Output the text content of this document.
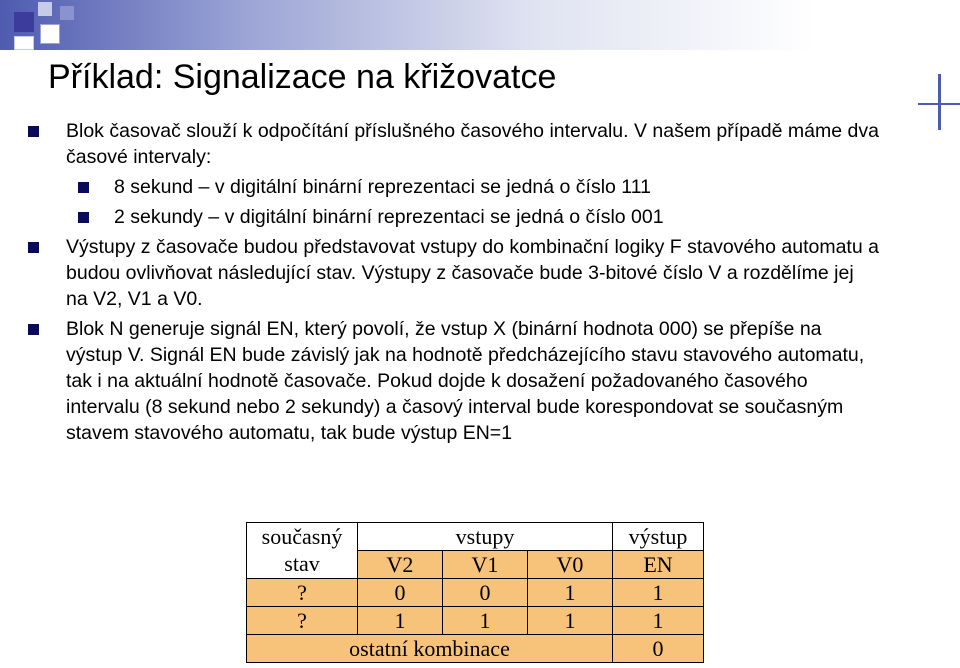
Příklad: Signalizace na křižovatce
Blok časovač slouží k odpočítání příslušného časového intervalu. V našem případě máme dva
časové intervaly:
8 sekund – v digitální binární reprezentaci se jedná o číslo 111
2 sekundy – v digitální binární reprezentaci se jedná o číslo 001
Výstupy z časovače budou představovat vstupy do kombinační logiky F stavového automatu a
budou ovlivňovat následující stav. Výstupy z časovače bude 3-bitové číslo V a rozdělíme jej
na V2, V1 a V0.
Blok N generuje signál EN, který povolí, že vstup X (binární hodnota 000) se přepíše na
výstup V. Signál EN bude závislý jak na hodnotě předcházejícího stavu stavového automatu,
tak i na aktuální hodnotě časovače. Pokud dojde k dosažení požadovaného časového
intervalu (8 sekund nebo 2 sekundy) a časový interval bude korespondovat se současným
stavem stavového automatu, tak bude výstup EN=1
současný	vstupy			výstup
stav	V2	V1	V0	EN
?	0	0	1	1
?	1	1	1	1
ostatní kombinace				0
